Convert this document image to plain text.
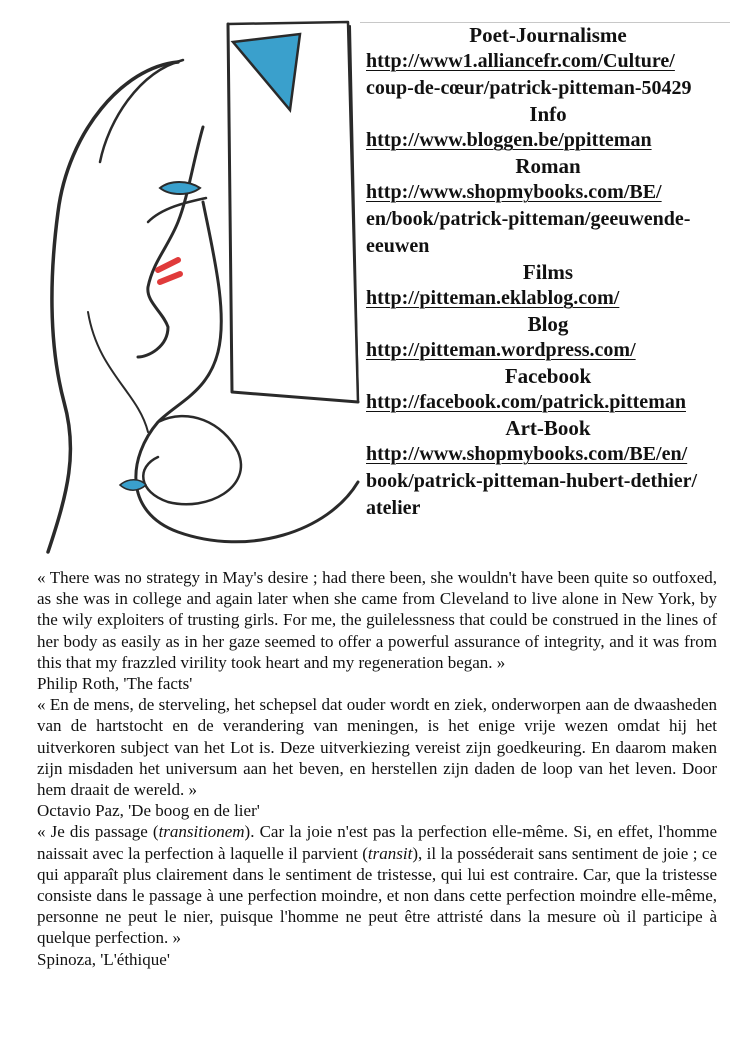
Poet-Journalisme
http://www1.alliancefr.com/Culture/
coup-de-cœur/patrick-pitteman-50429
Info
http://www.bloggen.be/ppitteman
Roman
http://www.shopmybooks.com/BE/
en/book/patrick-pitteman/geeuwende-
eeuwen
Films
http://pitteman.eklablog.com/
Blog
http://pitteman.wordpress.com/
Facebook
http://facebook.com/patrick.pitteman
Art-Book
http://www.shopmybooks.com/BE/en/
book/patrick-pitteman-hubert-dethier/
atelier

« There was no strategy in May's desire ; had there been, she wouldn't have been quite so outfoxed, as she was in college and again later when she came from Cleveland to live alone in New York, by the wily exploiters of trusting girls. For me, the guilelessness that could be construed in the lines of her body as easily as in her gaze seemed to offer a powerful assurance of integrity, and it was from this that my frazzled virility took heart and my regeneration began. »

Philip Roth, 'The facts'

« En de mens, de sterveling, het schepsel dat ouder wordt en ziek, onderworpen aan de dwaasheden van de hartstocht en de verandering van meningen, is het enige vrije wezen omdat hij het uitverkoren subject van het Lot is. Deze uitverkiezing vereist zijn goedkeuring. En daarom maken zijn misdaden het universum aan het beven, en herstellen zijn daden de loop van het leven. Door hem draait de wereld. »

Octavio Paz, 'De boog en de lier'

« Je dis passage (transitionem). Car la joie n'est pas la perfection elle-même. Si, en effet, l'homme naissait avec la perfection à laquelle il parvient (transit), il la posséderait sans sentiment de joie ; ce qui apparaît plus clairement dans le sentiment de tristesse, qui lui est contraire. Car, que la tristesse consiste dans le passage à une perfection moindre, et non dans cette perfection moindre elle-même, personne ne peut le nier, puisque l'homme ne peut être attristé dans la mesure où il participe à quelque perfection. »

Spinoza, 'L'éthique'
